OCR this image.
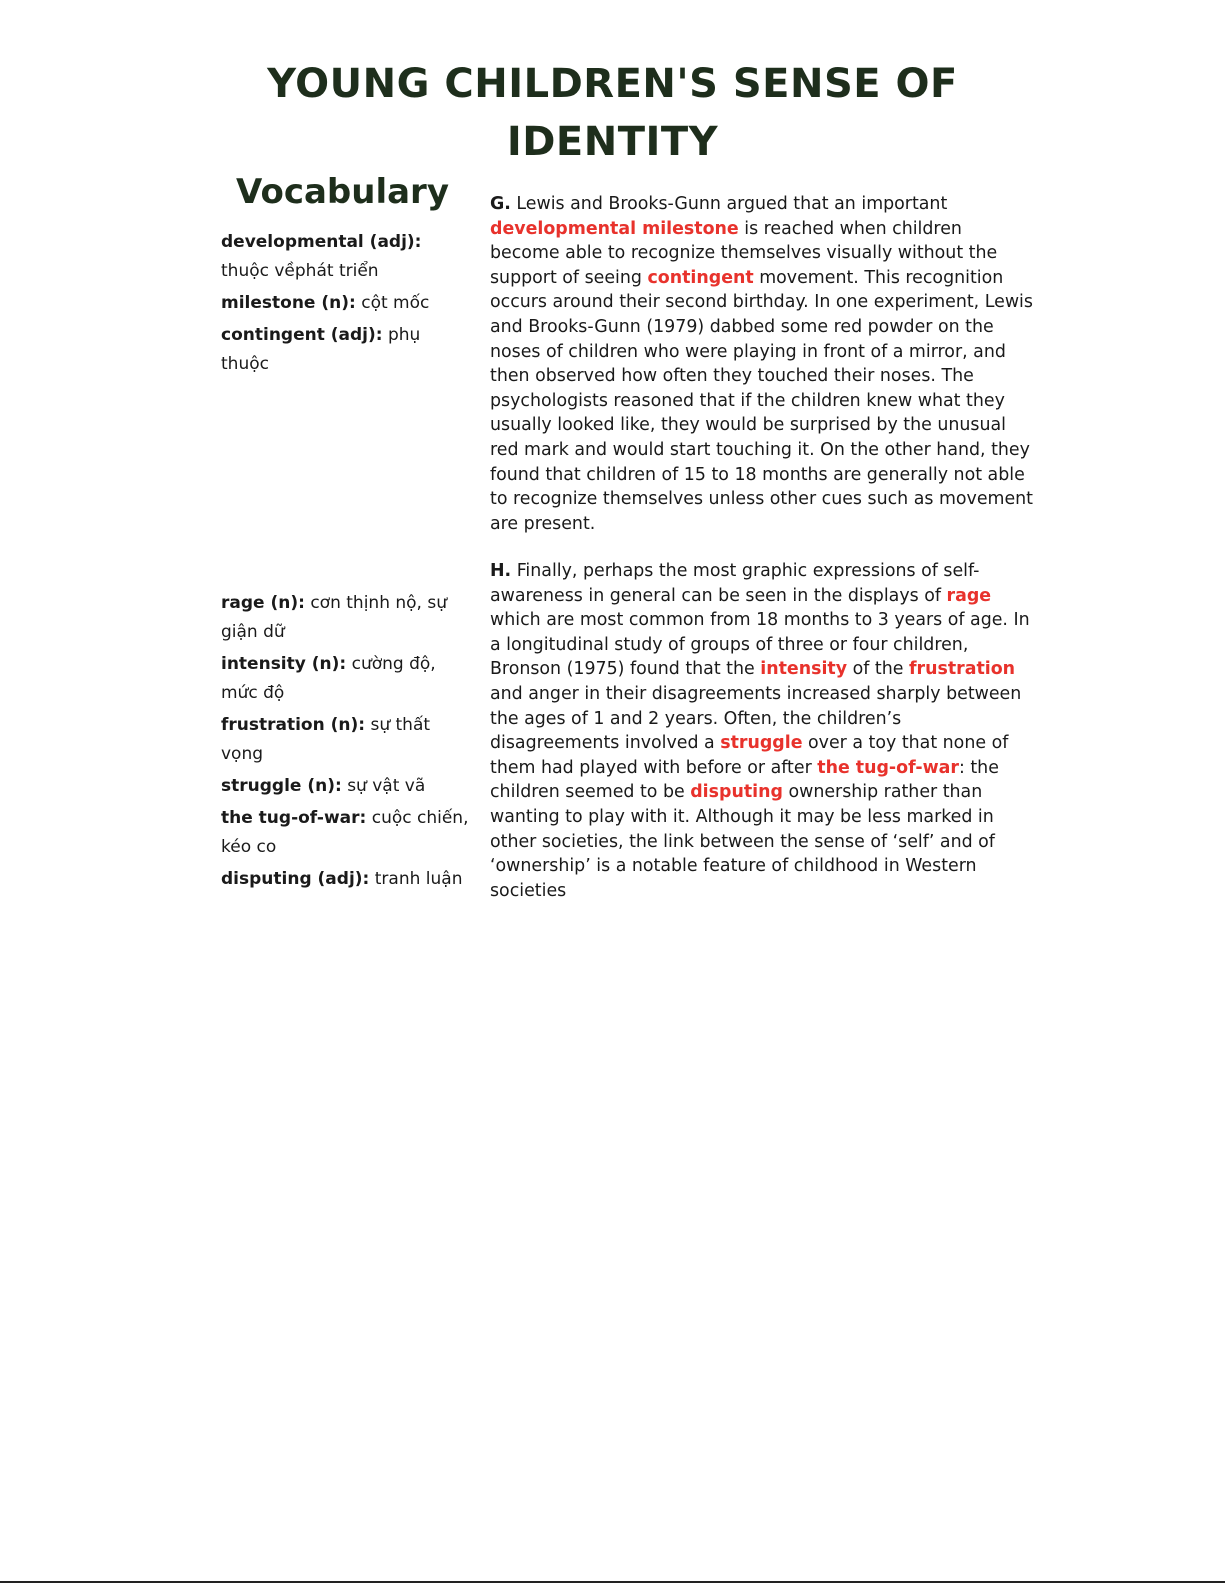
YOUNG CHILDREN'S SENSE OF
IDENTITY
Vocabulary
developmental (adj): thuộc vềphát triển
milestone (n): cột mốc
contingent (adj): phụ thuộc
rage (n): cơn thịnh nộ, sự giận dữ
intensity (n): cường độ, mức độ
frustration (n): sự thất vọng
struggle (n): sự vật vã
the tug-of-war: cuộc chiến, kéo co
disputing (adj): tranh luận

G. Lewis and Brooks-Gunn argued that an important developmental milestone is reached when children become able to recognize themselves visually without the support of seeing contingent movement. This recognition occurs around their second birthday. In one experiment, Lewis and Brooks-Gunn (1979) dabbed some red powder on the noses of children who were playing in front of a mirror, and then observed how often they touched their noses. The psychologists reasoned that if the children knew what they usually looked like, they would be surprised by the unusual red mark and would start touching it. On the other hand, they found that children of 15 to 18 months are generally not able to recognize themselves unless other cues such as movement are present.

H. Finally, perhaps the most graphic expressions of self-awareness in general can be seen in the displays of rage which are most common from 18 months to 3 years of age. In a longitudinal study of groups of three or four children, Bronson (1975) found that the intensity of the frustration and anger in their disagreements increased sharply between the ages of 1 and 2 years. Often, the children’s disagreements involved a struggle over a toy that none of them had played with before or after the tug-of-war: the children seemed to be disputing ownership rather than wanting to play with it. Although it may be less marked in other societies, the link between the sense of ‘self’ and of ‘ownership’ is a notable feature of childhood in Western societies
